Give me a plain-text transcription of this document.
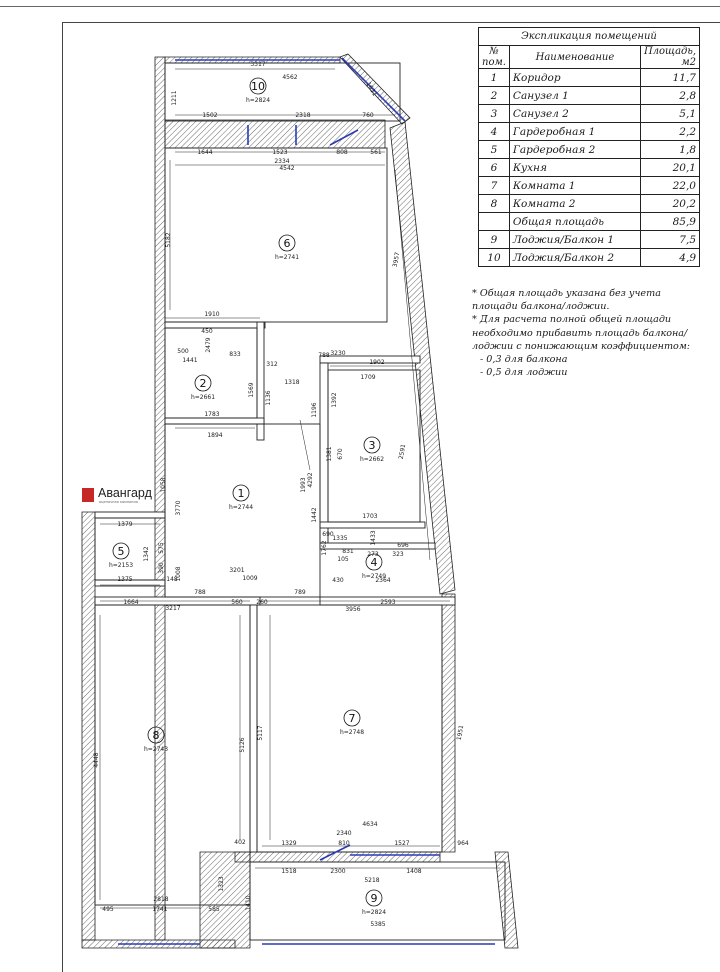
10
h=2824
6
h=2741
2
h=2661
3
h=2662
1
h=2744
5
h=2153	4
h=2749
8
h=2743
7
h=2748
9
h=2824
3317
1211
4562
1502	2318	760
1631
1644	1523	808	561
2334
4542
5182
3957
1910
450
500	833
1441
2479
312
1783
1894
1569
1136
1318
3230
1902
1709
788
1196
1392
670	2591
1381
1703
4292
3770
1058
1442
1335
831
105
273
696
1433
690
323
1762
1379
1342 575
390
1375	1008	3201
1009
148
1664
788
560 260
789
3956
2593
3217
5126
5117
4448
1951
4634
2340
1329	810	1527	964
402
1518	2300	1408
1323
2818	1410
495	1741	585
5218
5385
2364
430
1993
Авангард
оценочная компания
Экспликация помещений		
№ пом.	Наименование	Площадь, м2
1	Коридор	11,7
2	Санузел 1	2,8
3	Санузел 2	5,1
4	Гардеробная 1	2,2
5	Гардеробная 2	1,8
6	Кухня	20,1
7	Комната 1	22,0
8	Комната 2	20,2
	Общая площадь	85,9
9	Лоджия/Балкон 1	7,5
10	Лоджия/Балкон 2	4,9

* Общая площадь указана без учета площади балкона/лоджии.

* Для расчета полной общей площади необходимо прибавить площадь балкона/лоджии с понижающим коэффициентом:

- 0,3 для балкона

- 0,5 для лоджии
